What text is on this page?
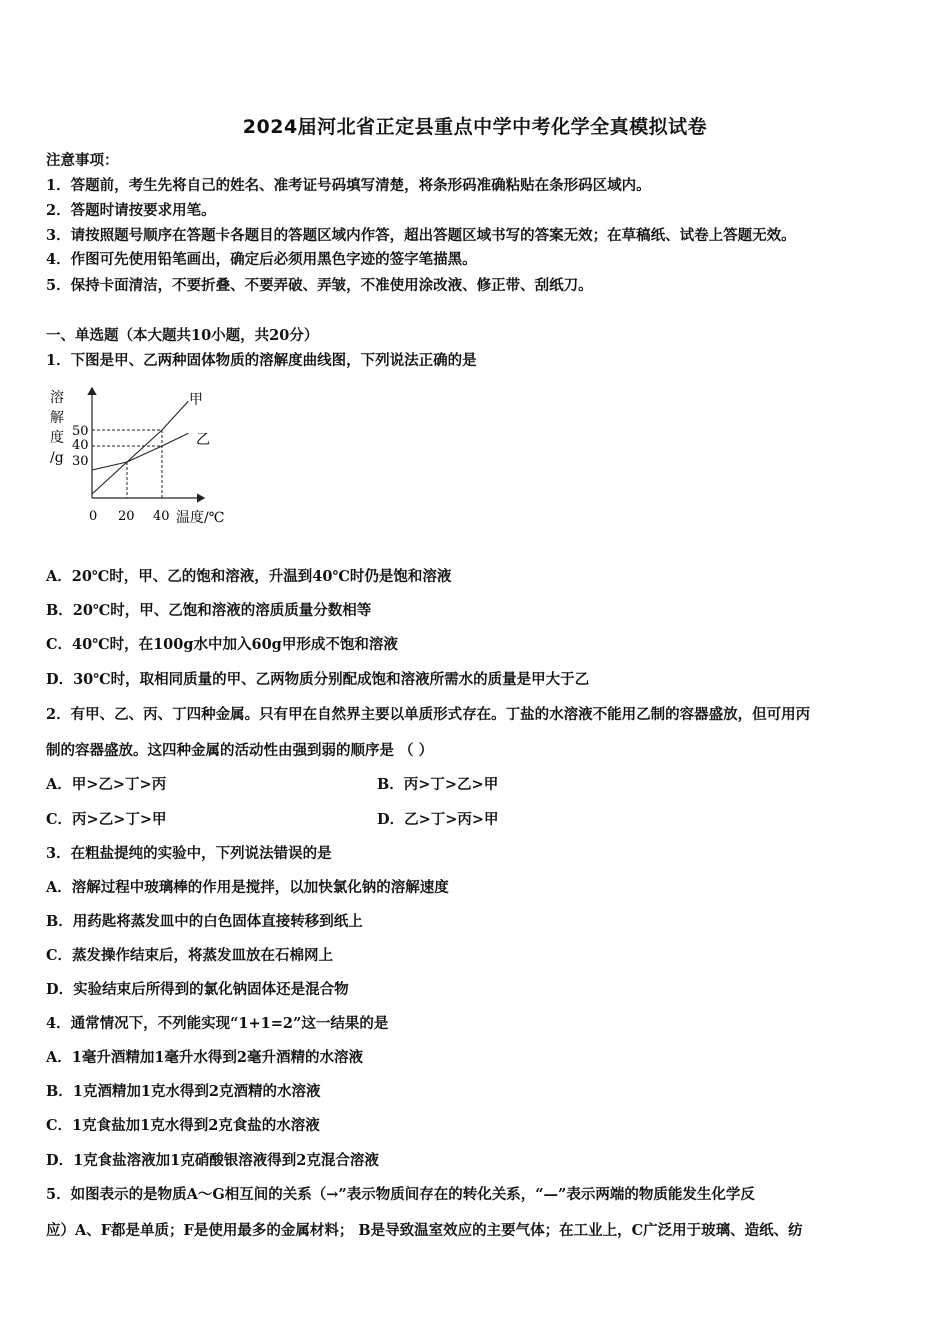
2024届河北省正定县重点中学中考化学全真模拟试卷
注意事项：
1．答题前，考生先将自己的姓名、准考证号码填写清楚，将条形码准确粘贴在条形码区域内。
2．答题时请按要求用笔。
3．请按照题号顺序在答题卡各题目的答题区域内作答，超出答题区域书写的答案无效；在草稿纸、试卷上答题无效。
4．作图可先使用铅笔画出，确定后必须用黑色字迹的签字笔描黑。
5．保持卡面清洁，不要折叠、不要弄破、弄皱，不准使用涂改液、修正带、刮纸刀。
一、单选题（本大题共10小题，共20分）
1．下图是甲、乙两种固体物质的溶解度曲线图，下列说法正确的是
溶
解
度
/g
50
40
30
0 20 40 温度/℃
甲
乙
A．20℃时，甲、乙的饱和溶液，升温到40℃时仍是饱和溶液
B．20℃时，甲、乙饱和溶液的溶质质量分数相等
C．40℃时，在100g水中加入60g甲形成不饱和溶液
D．30℃时，取相同质量的甲、乙两物质分别配成饱和溶液所需水的质量是甲大于乙
2．有甲、乙、丙、丁四种金属。只有甲在自然界主要以单质形式存在。丁盐的水溶液不能用乙制的容器盛放，但可用丙
制的容器盛放。这四种金属的活动性由强到弱的顺序是 （ ）
A．甲>乙>丁>丙	B．丙>丁>乙>甲
C．丙>乙>丁>甲	D．乙>丁>丙>甲
3．在粗盐提纯的实验中，下列说法错误的是
A．溶解过程中玻璃棒的作用是搅拌，以加快氯化钠的溶解速度
B．用药匙将蒸发皿中的白色固体直接转移到纸上
C．蒸发操作结束后，将蒸发皿放在石棉网上
D．实验结束后所得到的氯化钠固体还是混合物
4．通常情况下，不列能实现“1+1=2”这一结果的是
A．1毫升酒精加1毫升水得到2毫升酒精的水溶液
B．1克酒精加1克水得到2克酒精的水溶液
C．1克食盐加1克水得到2克食盐的水溶液
D．1克食盐溶液加1克硝酸银溶液得到2克混合溶液
5．如图表示的是物质A～G相互间的关系（→”表示物质间存在的转化关系，“—”表示两端的物质能发生化学反
应）A、F都是单质；F是使用最多的金属材料； B是导致温室效应的主要气体；在工业上，C广泛用于玻璃、造纸、纺
